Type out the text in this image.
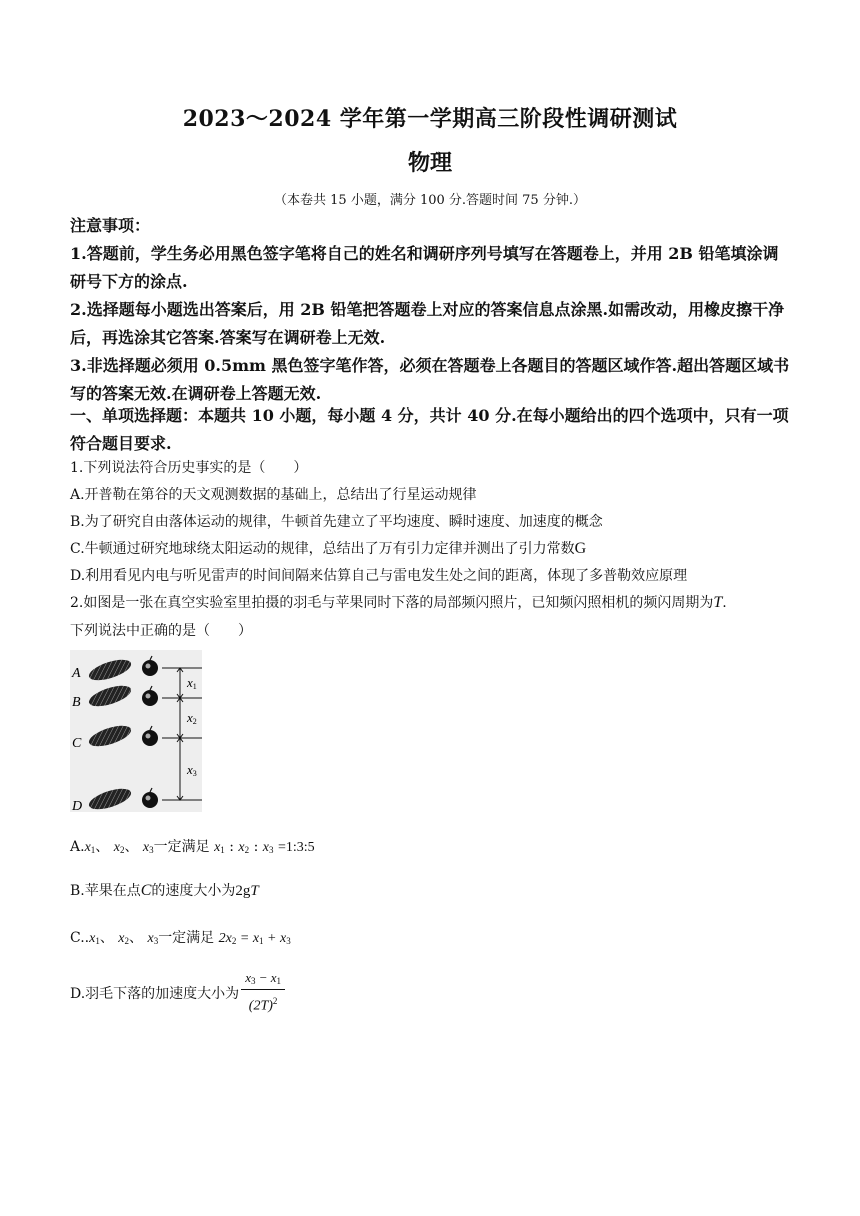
2023～2024 学年第一学期高三阶段性调研测试
物理
（本卷共 15 小题，满分 100 分.答题时间 75 分钟.）
注意事项：
1.答题前，学生务必用黑色签字笔将自己的姓名和调研序列号填写在答题卷上，并用 2B 铅笔填涂调研号下方的涂点.
2.选择题每小题选出答案后，用 2B 铅笔把答题卷上对应的答案信息点涂黑.如需改动，用橡皮擦干净后，再选涂其它答案.答案写在调研卷上无效.
3.非选择题必须用 0.5mm 黑色签字笔作答，必须在答题卷上各题目的答题区域作答.超出答题区域书写的答案无效.在调研卷上答题无效.
一、单项选择题：本题共 10 小题，每小题 4 分，共计 40 分.在每小题给出的四个选项中，只有一项符合题目要求.
1.下列说法符合历史事实的是（　　）
A.开普勒在第谷的天文观测数据的基础上，总结出了行星运动规律
B.为了研究自由落体运动的规律，牛顿首先建立了平均速度、瞬时速度、加速度的概念
C.牛顿通过研究地球绕太阳运动的规律，总结出了万有引力定律并测出了引力常数G
D.利用看见内电与听见雷声的时间间隔来估算自己与雷电发生处之间的距离，体现了多普勒效应原理
2.如图是一张在真空实验室里拍摄的羽毛与苹果同时下落的局部频闪照片，已知频闪照相机的频闪周期为T.
下列说法中正确的是（　　）
A
B
C
D
x1
x2
x3
$A.x_1$、 $x_2$、 $x_3$一定满足 $x_1$ : $x_2$ : $x_3$ =1:3:5
B.苹果在点C的速度大小为2gT
$C..x_1$、 $x_2$、 $x_3$一定满足 $2x_2 = x_1 + x_3$
D.羽毛下落的加速度大小为 $\frac{x_3 - x_1}{(2T)^2}$
